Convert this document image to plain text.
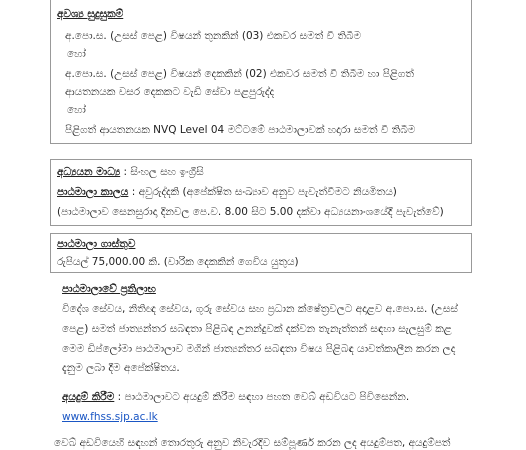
අවශ්‍ය සුදුසුකම්
අ.පො.ස. (උසස් පෙළ) විෂයන් තුනකින් (03) එකවර සමත් වී තිබීම
හෝ
අ.පො.ස. (උසස් පෙළ) විෂයන් දෙකකින් (02) එකවර සමත් වී තිබීම හා පිළිගත්
ආයතනයක වසර දෙකකට වැඩි සේවා පළපුරුද්ද
හෝ
පිළිගත් ආයතනයක NVQ Level 04 මට්ටමේ පාඨමාලාවක් හදාරා සමත් වී තිබීම
අධ්‍යයන මාධ්‍ය : සිංහල සහ ඉංග්‍රීසි
පාඨමාලා කාලය : අවුරුද්දකි (අපේක්ෂිත සංඛ්‍යාව අනුව පැවැත්වීමට නියමිතය)
(පාඨමාලාව සෙනසුරාදා දිනවල පෙ.ව. 8.00 සිට 5.00 දක්වා අධ්‍යයනාංශයේදී පැවැත්වේ)
පාඨමාලා ගාස්තුව
රුපියල් 75,000.00 කි. (වාරික දෙකකින් ගෙවිය යුතුය)
පාඨමාලාවේ ප්‍රතිලාභ
විදේශ සේවය, නිතිඥ සේවය, ගුරු සේවය සහ ප්‍රධාන ක්ෂේත්‍රවලට අදාළව අ.පො.ස. (උසස්
පෙළ) සමත් ජාත්‍යන්තර සබඳතා පිළිබඳ උනන්දුවක් දක්වන තැනැත්තන් සඳහා සැලසුම් කළ
මෙම ඩිප්ලෝමා පාඨමාලාව මගින් ජාත්‍යන්තර සබඳතා විෂය පිළිබඳ යාවත්කාලීන කරන ලද
දැනුම ලබා දීම අපේක්ෂිතය.
අයදුම් කිරීම : පාඨමාලාවට අයදුම් කිරීම සඳහා පහත වෙබ් අඩවියට පිවිසෙන්න.
www.fhss.sjp.ac.lk
වෙබ් අඩවියෙහි සඳහන් තොරතුරු අනුව නිවැරදිව සම්පූර්ණ කරන ලද අයදුම්පත, අයදුම්පත්
